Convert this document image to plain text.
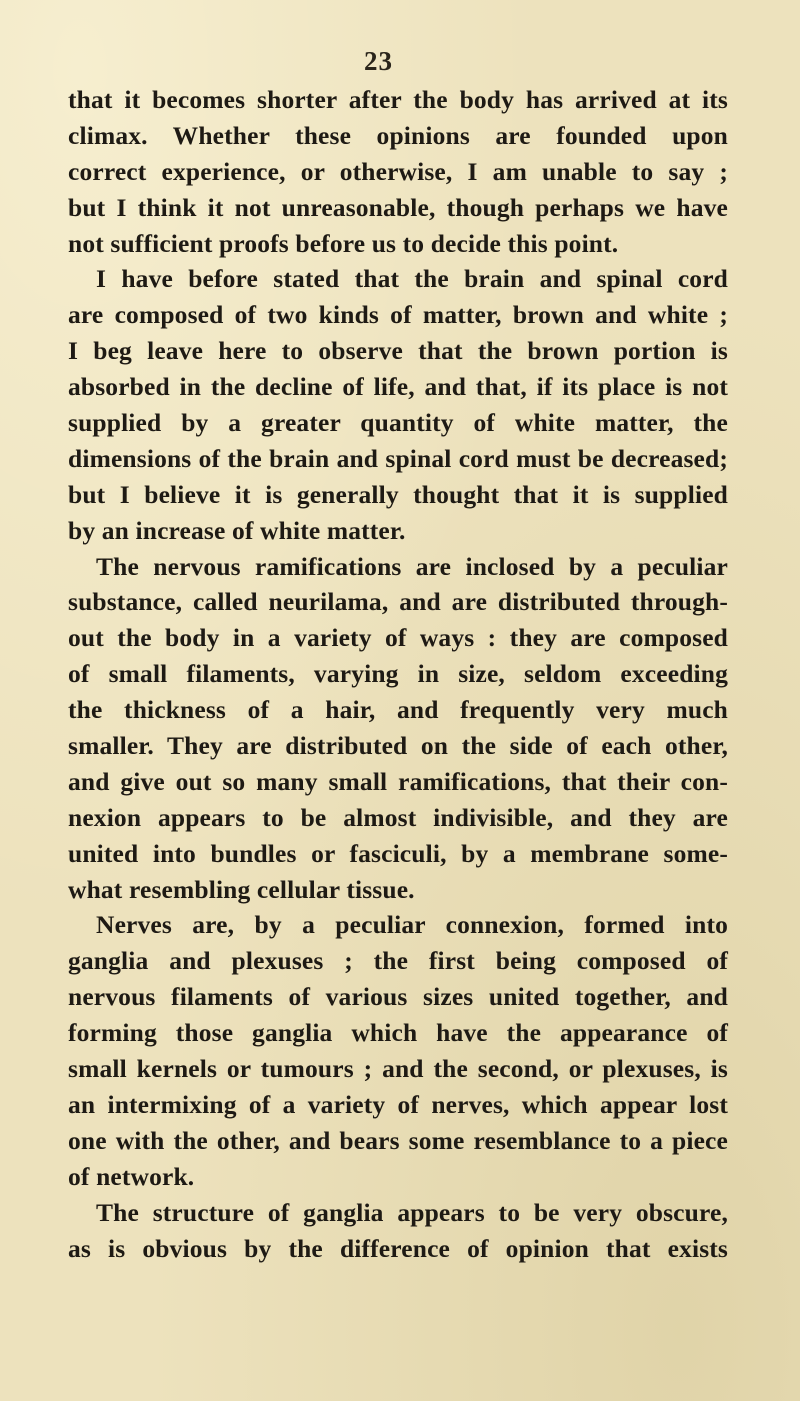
23
that it becomes shorter after the body has arrived at its
climax. Whether these opinions are founded upon
correct experience, or otherwise, I am unable to say ;
but I think it not unreasonable, though perhaps we have
not sufficient proofs before us to decide this point.
I have before stated that the brain and spinal cord
are composed of two kinds of matter, brown and white ;
I beg leave here to observe that the brown portion is
absorbed in the decline of life, and that, if its place is not
supplied by a greater quantity of white matter, the
dimensions of the brain and spinal cord must be decreased;
but I believe it is generally thought that it is supplied
by an increase of white matter.
The nervous ramifications are inclosed by a peculiar
substance, called neurilama, and are distributed through-
out the body in a variety of ways : they are composed
of small filaments, varying in size, seldom exceeding
the thickness of a hair, and frequently very much
smaller. They are distributed on the side of each other,
and give out so many small ramifications, that their con-
nexion appears to be almost indivisible, and they are
united into bundles or fasciculi, by a membrane some-
what resembling cellular tissue.
Nerves are, by a peculiar connexion, formed into
ganglia and plexuses ; the first being composed of
nervous filaments of various sizes united together, and
forming those ganglia which have the appearance of
small kernels or tumours ; and the second, or plexuses, is
an intermixing of a variety of nerves, which appear lost
one with the other, and bears some resemblance to a piece
of network.
The structure of ganglia appears to be very obscure,
as is obvious by the difference of opinion that exists
